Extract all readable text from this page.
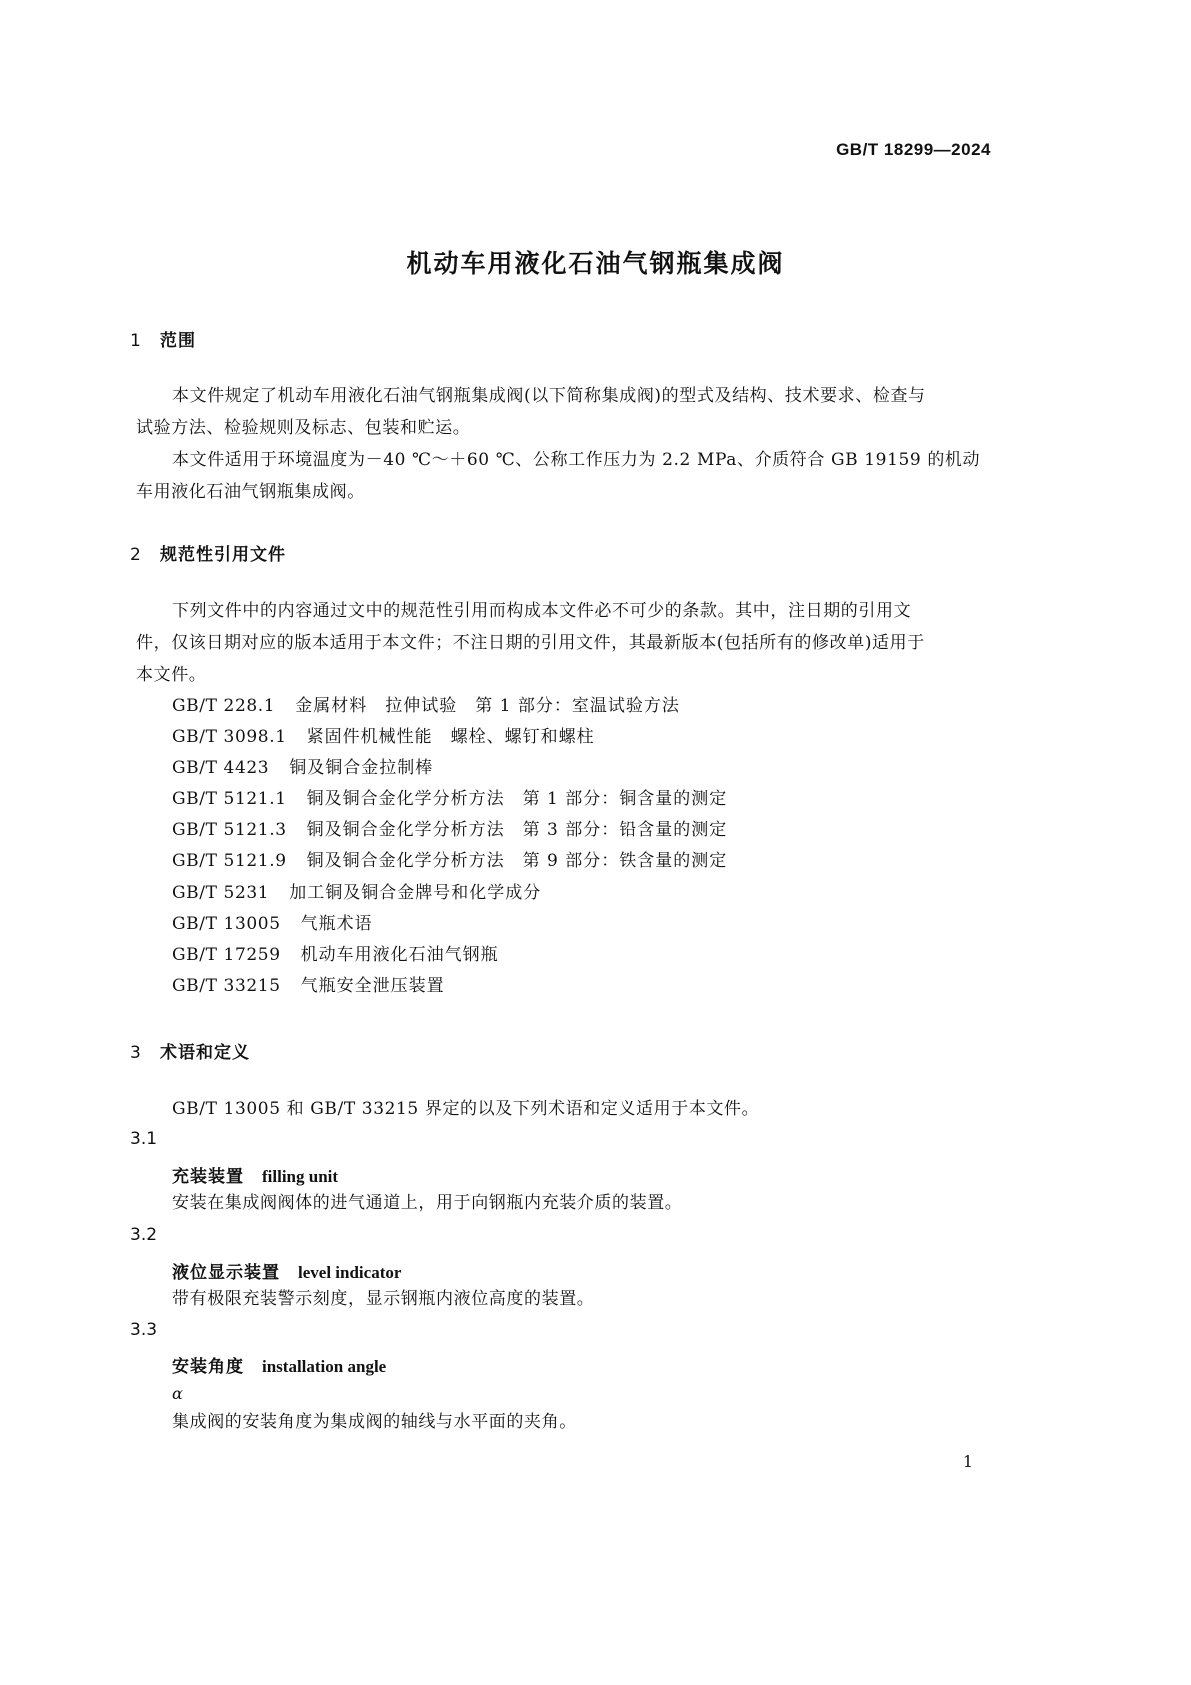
GB/T 18299—2024
机动车用液化石油气钢瓶集成阀
1 范围
本文件规定了机动车用液化石油气钢瓶集成阀(以下简称集成阀)的型式及结构、技术要求、检查与
试验方法、检验规则及标志、包装和贮运。
本文件适用于环境温度为－40 ℃～＋60 ℃、公称工作压力为 2.2 MPa、介质符合 GB 19159 的机动
车用液化石油气钢瓶集成阀。
2 规范性引用文件
下列文件中的内容通过文中的规范性引用而构成本文件必不可少的条款。其中，注日期的引用文
件，仅该日期对应的版本适用于本文件；不注日期的引用文件，其最新版本(包括所有的修改单)适用于
本文件。
GB/T 228.1 金属材料　拉伸试验　第 1 部分：室温试验方法
GB/T 3098.1 紧固件机械性能　螺栓、螺钉和螺柱
GB/T 4423 铜及铜合金拉制棒
GB/T 5121.1 铜及铜合金化学分析方法　第 1 部分：铜含量的测定
GB/T 5121.3 铜及铜合金化学分析方法　第 3 部分：铅含量的测定
GB/T 5121.9 铜及铜合金化学分析方法　第 9 部分：铁含量的测定
GB/T 5231 加工铜及铜合金牌号和化学成分
GB/T 13005 气瓶术语
GB/T 17259 机动车用液化石油气钢瓶
GB/T 33215 气瓶安全泄压装置
3 术语和定义
GB/T 13005 和 GB/T 33215 界定的以及下列术语和定义适用于本文件。
3.1
充装装置 filling unit
安装在集成阀阀体的进气通道上，用于向钢瓶内充装介质的装置。
3.2
液位显示装置 level indicator
带有极限充装警示刻度，显示钢瓶内液位高度的装置。
3.3
安装角度 installation angle
α
集成阀的安装角度为集成阀的轴线与水平面的夹角。
1
